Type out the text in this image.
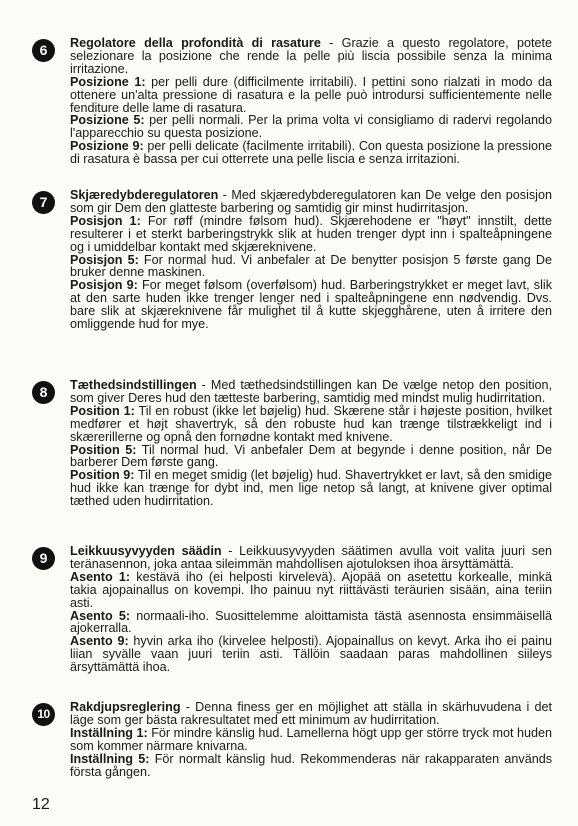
6	Regolatore della profondità di rasature - Grazie a questo regolatore, potete selezionare la posizione che rende la pelle più liscia possibile senza la minima irritazione.

Posizione 1: per pelli dure (difficilmente irritabili). I pettini sono rialzati in modo da ottenere un'alta pressione di rasatura e la pelle può introdursi sufficientemente nelle fenditure delle lame di rasatura.

Posizione 5: per pelli normali. Per la prima volta vi consigliamo di radervi regolando l'apparecchio su questa posizione.

Posizione 9: per pelli delicate (facilmente irritabili). Con questa posizione la pressione di rasatura è bassa per cui otterrete una pelle liscia e senza irritazioni.

7	Skjæredybderegulatoren - Med skjæredybderegulatoren kan De velge den posisjon som gir Dem den glatteste barbering og samtidig gir minst hudirritasjon.

Posisjon 1: For røff (mindre følsom hud). Skjærehodene er "høyt" innstilt, dette resulterer i et sterkt barberingstrykk slik at huden trenger dypt inn i spalteåpningene og i umiddelbar kontakt med skjæreknivene.

Posisjon 5: For normal hud. Vi anbefaler at De benytter posisjon 5 første gang De bruker denne maskinen.

Posisjon 9: For meget følsom (overfølsom) hud. Barberingstrykket er meget lavt, slik at den sarte huden ikke trenger lenger ned i spalteåpningene enn nødvendig. Dvs. bare slik at skjæreknivene får mulighet til å kutte skjegghårene, uten å irritere den omliggende hud for mye.

8	Tæthedsindstillingen - Med tæthedsindstillingen kan De vælge netop den position, som giver Deres hud den tætteste barbering, samtidig med mindst mulig hudirritation.

Position 1: Til en robust (ikke let bøjelig) hud. Skærene står i højeste position, hvilket medfører et højt shavertryk, så den robuste hud kan trænge tilstrækkeligt ind i skærerillerne og opnå den fornødne kontakt med knivene.

Position 5: Til normal hud. Vi anbefaler Dem at begynde i denne position, når De barberer Dem første gang.

Position 9: Til en meget smidig (let bøjelig) hud. Shavertrykket er lavt, så den smidige hud ikke kan trænge for dybt ind, men lige netop så langt, at knivene giver optimal tæthed uden hudirritation.

9	Leikkuusyvyyden säädin - Leikkuusyvyyden säätimen avulla voit valita juuri sen teränasennon, joka antaa sileimmän mahdollisen ajotuloksen ihoa ärsyttämättä.

Asento 1: kestävä iho (ei helposti kirvelevä). Ajopää on asetettu korkealle, minkä takia ajopainallus on kovempi. Iho painuu nyt riittävästi teräurien sisään, aina teriin asti.

Asento 5: normaali-iho. Suosittelemme aloittamista tästä asennosta ensimmäisellä ajokerralla.

Asento 9: hyvin arka iho (kirvelee helposti). Ajopainallus on kevyt. Arka iho ei painu liian syvälle vaan juuri teriin asti. Tällöin saadaan paras mahdollinen siileys ärsyttämättä ihoa.

10	Rakdjupsreglering - Denna finess ger en möjlighet att ställa in skärhuvudena i det läge som ger bästa rakresultatet med ett minimum av hudirritation.

Inställning 1: För mindre känslig hud. Lamellerna högt upp ger större tryck mot huden som kommer närmare knivarna.

Inställning 5: För normalt känslig hud. Rekommenderas när rakapparaten används första gången.

12
